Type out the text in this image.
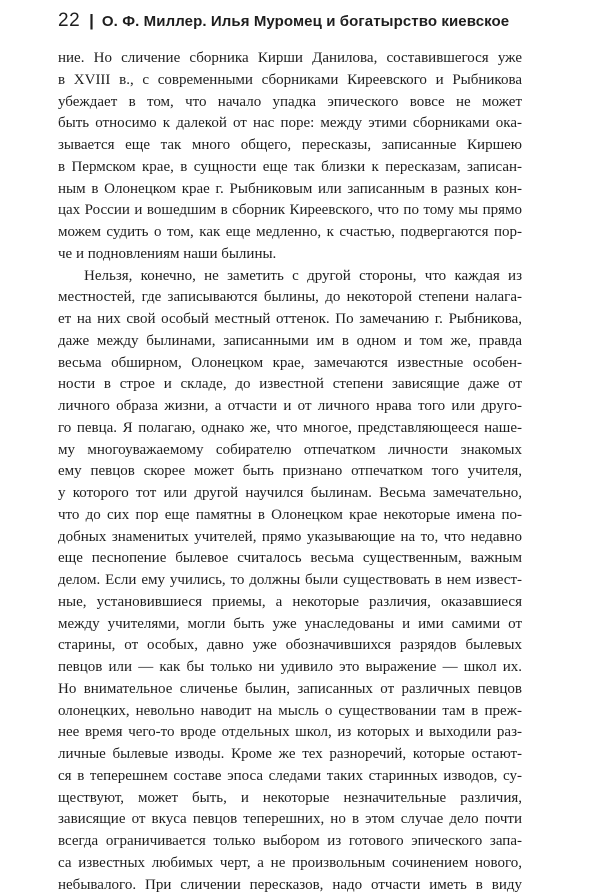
22 | О. Ф. Миллер. Илья Муромец и богатырство киевское
ние. Но сличение сборника Кирши Данилова, составившегося уже
в XVIII в., с современными сборниками Киреевского и Рыбникова
убеждает в том, что начало упадка эпического вовсе не может
быть относимо к далекой от нас поре: между этими сборниками ока-
зывается еще так много общего, пересказы, записанные Киршею
в Пермском крае, в сущности еще так близки к пересказам, записан-
ным в Олонецком крае г. Рыбниковым или записанным в разных кон-
цах России и вошедшим в сборник Киреевского, что по тому мы прямо
можем судить о том, как еще медленно, к счастью, подвергаются пор-
че и подновлениям наши былины.
Нельзя, конечно, не заметить с другой стороны, что каждая из
местностей, где записываются былины, до некоторой степени налага-
ет на них свой особый местный оттенок. По замечанию г. Рыбникова,
даже между былинами, записанными им в одном и том же, правда
весьма обширном, Олонецком крае, замечаются известные особен-
ности в строе и складе, до известной степени зависящие даже от
личного образа жизни, а отчасти и от личного нрава того или друго-
го певца. Я полагаю, однако же, что многое, представляющееся наше-
му многоуважаемому собирателю отпечатком личности знакомых
ему певцов скорее может быть признано отпечатком того учителя,
у которого тот или другой научился былинам. Весьма замечательно,
что до сих пор еще памятны в Олонецком крае некоторые имена по-
добных знаменитых учителей, прямо указывающие на то, что недавно
еще песнопение былевое считалось весьма существенным, важным
делом. Если ему учились, то должны были существовать в нем извест-
ные, установившиеся приемы, а некоторые различия, оказавшиеся
между учителями, могли быть уже унаследованы и ими самими от
старины, от особых, давно уже обозначившихся разрядов былевых
певцов или — как бы только ни удивило это выражение — школ их.
Но внимательное сличенье былин, записанных от различных певцов
олонецких, невольно наводит на мысль о существовании там в преж-
нее время чего-то вроде отдельных школ, из которых и выходили раз-
личные былевые изводы. Кроме же тех разноречий, которые остают-
ся в теперешнем составе эпоса следами таких старинных изводов, су-
ществуют, может быть, и некоторые незначительные различия,
зависящие от вкуса певцов теперешних, но в этом случае дело почти
всегда ограничивается только выбором из готового эпического запа-
са известных любимых черт, а не произвольным сочинением нового,
небывалого. При сличении пересказов, надо отчасти иметь в виду
